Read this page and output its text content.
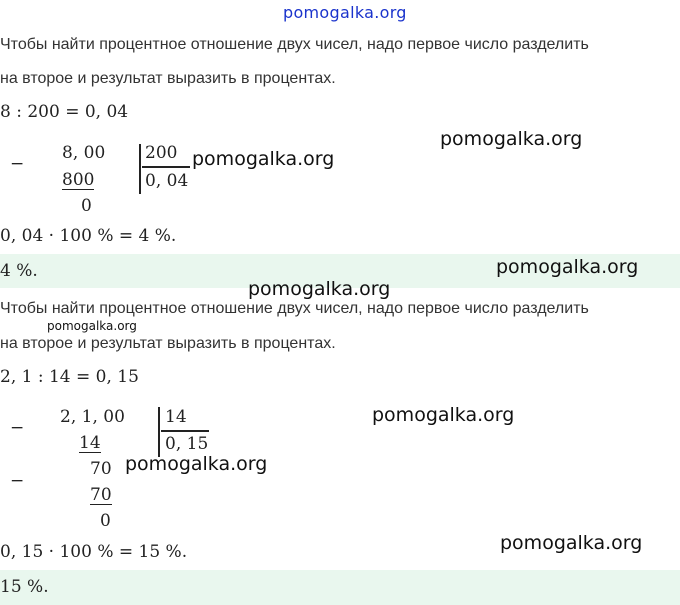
pomogalka.org
Чтобы найти процентное отношение двух чисел, надо первое число разделить
на второе и результат выразить в процентах.
8 : 200 = 0, 04
−
8, 00
800
0
200
0, 04
0, 04 · 100 % = 4 %.
4 %.
Чтобы найти процентное отношение двух чисел, надо первое число разделить
на второе и результат выразить в процентах.
2, 1 : 14 = 0, 15
−
2, 1, 00
14
−
70
70
0
14
0, 15
0, 15 · 100 % = 15 %.
15 %.
pomogalka.org
pomogalka.org
pomogalka.org
pomogalka.org
pomogalka.org
pomogalka.org
pomogalka.org
pomogalka.org
